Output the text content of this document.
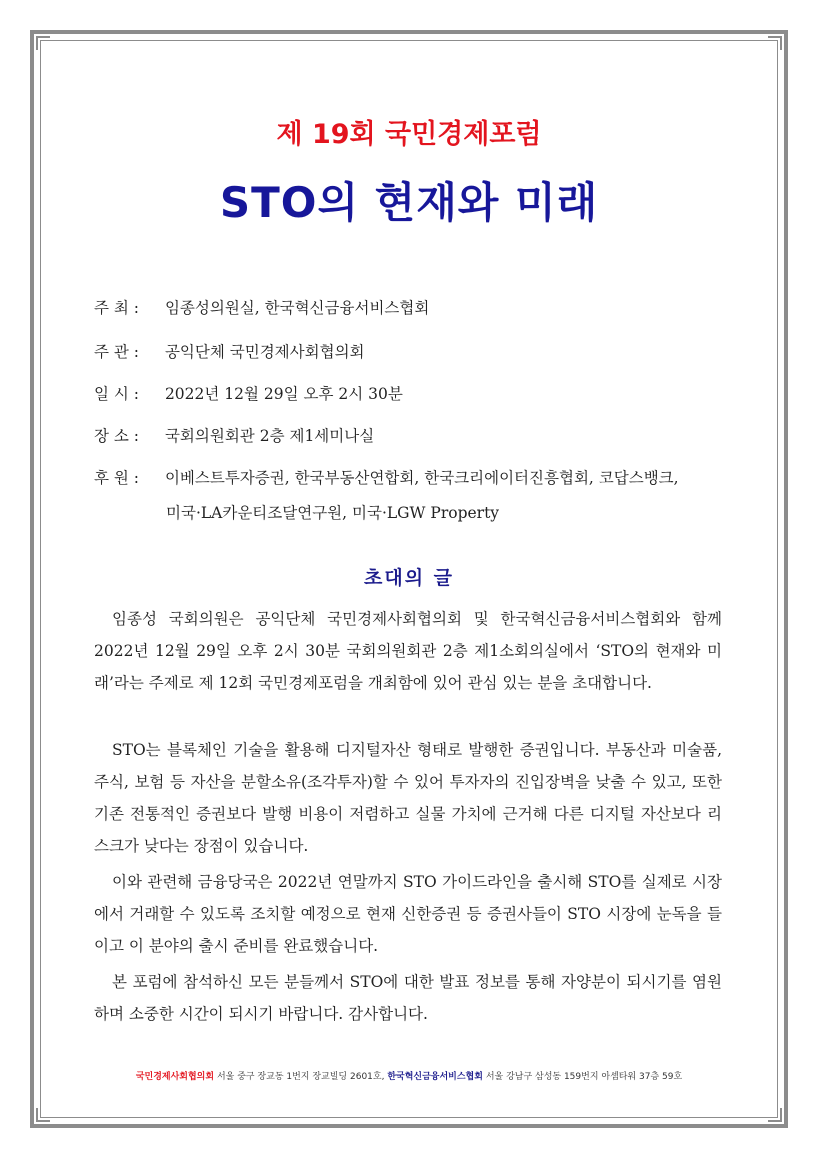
제 19회 국민경제포럼
STO의 현재와 미래
주 최 : 임종성의원실, 한국혁신금융서비스협회
주 관 : 공익단체 국민경제사회협의회
일 시 : 2022년 12월 29일 오후 2시 30분
장 소 : 국회의원회관 2층 제1세미나실
후 원 : 이베스트투자증권, 한국부동산연합회, 한국크리에이터진흥협회, 코답스뱅크,
미국·LA카운티조달연구원, 미국·LGW Property
초대의 글

임종성 국회의원은 공익단체 국민경제사회협의회 및 한국혁신금융서비스협회와 함께 2022년 12월 29일 오후 2시 30분 국회의원회관 2층 제1소회의실에서 ‘STO의 현재와 미래’라는 주제로 제 12회 국민경제포럼을 개최함에 있어 관심 있는 분을 초대합니다.

STO는 블록체인 기술을 활용해 디지털자산 형태로 발행한 증권입니다. 부동산과 미술품, 주식, 보험 등 자산을 분할소유(조각투자)할 수 있어 투자자의 진입장벽을 낮출 수 있고, 또한 기존 전통적인 증권보다 발행 비용이 저렴하고 실물 가치에 근거해 다른 디지털 자산보다 리스크가 낮다는 장점이 있습니다.

이와 관련해 금융당국은 2022년 연말까지 STO 가이드라인을 출시해 STO를 실제로 시장에서 거래할 수 있도록 조치할 예정으로 현재 신한증권 등 증권사들이 STO 시장에 눈독을 들이고 이 분야의 출시 준비를 완료했습니다.

본 포럼에 참석하신 모든 분들께서 STO에 대한 발표 정보를 통해 자양분이 되시기를 염원하며 소중한 시간이 되시기 바랍니다. 감사합니다.

국민경제사회협의회 서울 중구 장교동 1번지 장교빌딩 2601호, 한국혁신금융서비스협회 서울 강남구 삼성동 159번지 아셈타워 37층 59호
